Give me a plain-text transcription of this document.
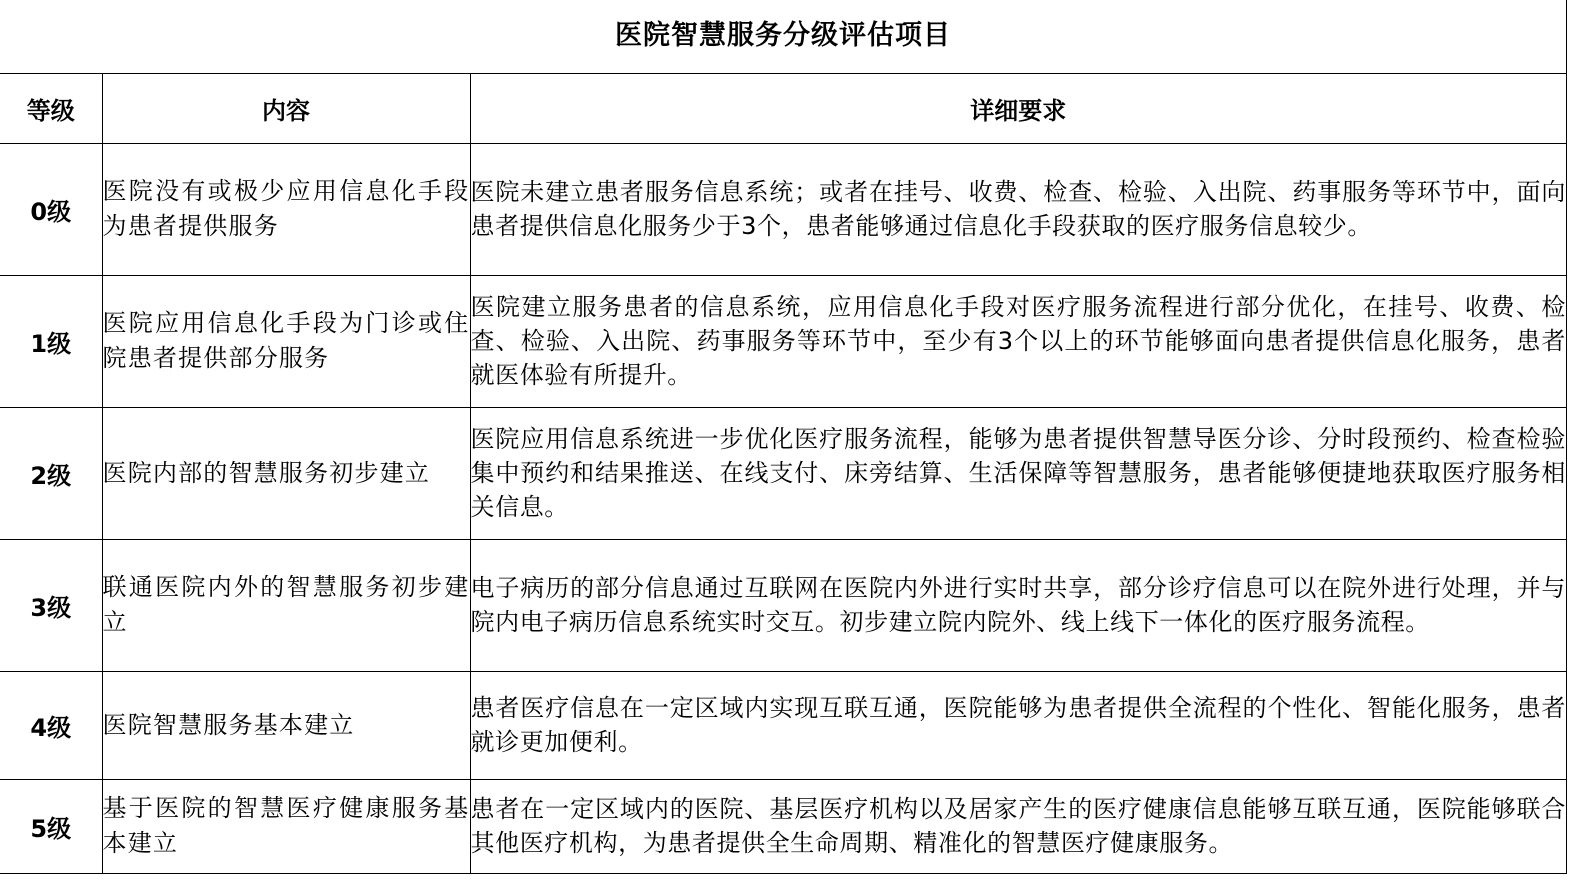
医院智慧服务分级评估项目
等级	内容	详细要求
0级	医院没有或极少应用信息化手段为患者提供服务	医院未建立患者服务信息系统；或者在挂号、收费、检查、检验、入出院、药事服务等环节中，面向患者提供信息化服务少于3个，患者能够通过信息化手段获取的医疗服务信息较少。

1级	医院应用信息化手段为门诊或住院患者提供部分服务	医院建立服务患者的信息系统，应用信息化手段对医疗服务流程进行部分优化，在挂号、收费、检查、检验、入出院、药事服务等环节中，至少有3个以上的环节能够面向患者提供信息化服务，患者就医体验有所提升。

2级	医院内部的智慧服务初步建立	医院应用信息系统进一步优化医疗服务流程，能够为患者提供智慧导医分诊、分时段预约、检查检验集中预约和结果推送、在线支付、床旁结算、生活保障等智慧服务，患者能够便捷地获取医疗服务相关信息。

3级	联通医院内外的智慧服务初步建立	电子病历的部分信息通过互联网在医院内外进行实时共享，部分诊疗信息可以在院外进行处理，并与院内电子病历信息系统实时交互。初步建立院内院外、线上线下一体化的医疗服务流程。

4级	医院智慧服务基本建立	患者医疗信息在一定区域内实现互联互通，医院能够为患者提供全流程的个性化、智能化服务，患者就诊更加便利。

5级	基于医院的智慧医疗健康服务基本建立	患者在一定区域内的医院、基层医疗机构以及居家产生的医疗健康信息能够互联互通，医院能够联合其他医疗机构，为患者提供全生命周期、精准化的智慧医疗健康服务。
